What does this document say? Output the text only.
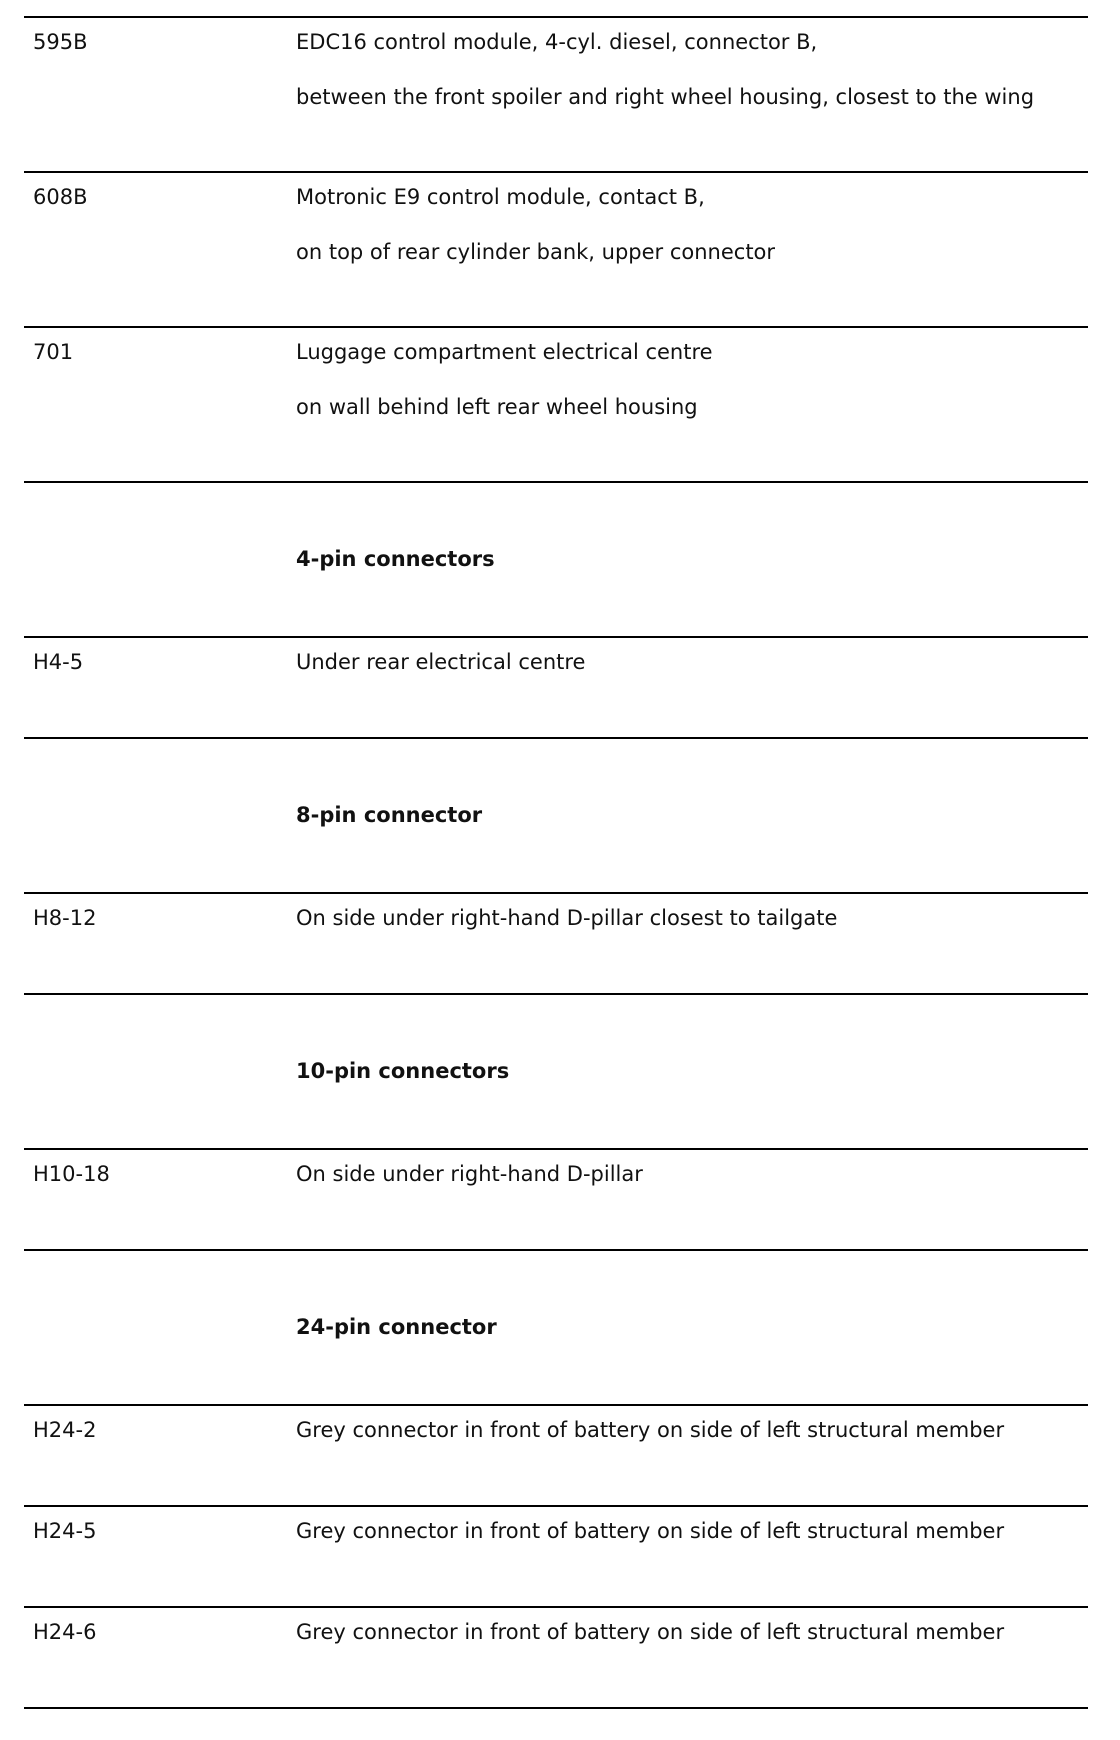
595B	EDC16 control module, 4-cyl. diesel, connector B,
between the front spoiler and right wheel housing, closest to the wing
608B	Motronic E9 control module, contact B,
on top of rear cylinder bank, upper connector
701	Luggage compartment electrical centre
on wall behind left rear wheel housing
4-pin connectors
H4-5	Under rear electrical centre
8-pin connector
H8-12	On side under right-hand D-pillar closest to tailgate
10-pin connectors
H10-18	On side under right-hand D-pillar
24-pin connector
H24-2	Grey connector in front of battery on side of left structural member
H24-5	Grey connector in front of battery on side of left structural member
H24-6	Grey connector in front of battery on side of left structural member
